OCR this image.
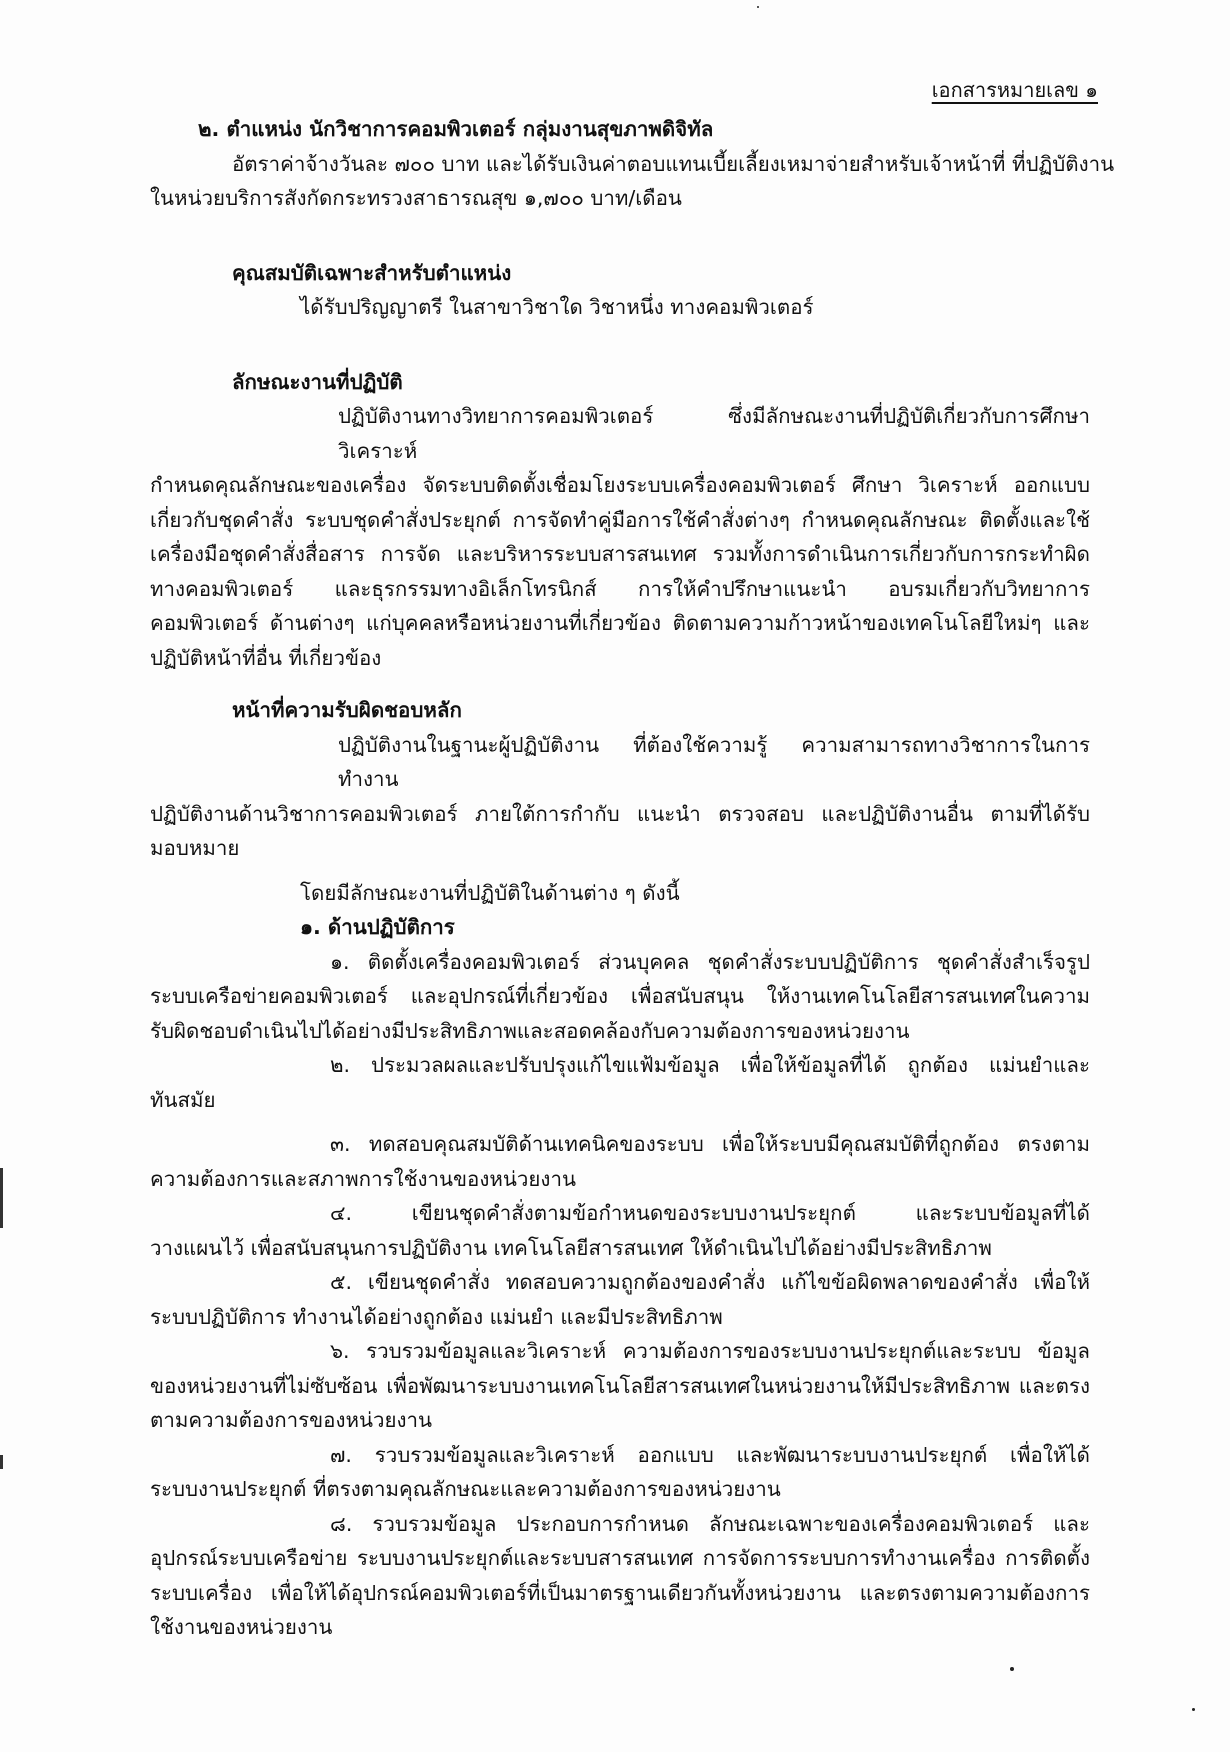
เอกสารหมายเลข ๑
๒. ตำแหน่ง นักวิชาการคอมพิวเตอร์ กลุ่มงานสุขภาพดิจิทัล
อัตราค่าจ้างวันละ ๗๐๐ บาท และได้รับเงินค่าตอบแทนเบี้ยเลี้ยงเหมาจ่ายสำหรับเจ้าหน้าที่ ที่ปฏิบัติงาน
ในหน่วยบริการสังกัดกระทรวงสาธารณสุข ๑,๗๐๐ บาท/เดือน
คุณสมบัติเฉพาะสำหรับตำแหน่ง
ได้รับปริญญาตรี ในสาขาวิชาใด วิชาหนึ่ง ทางคอมพิวเตอร์
ลักษณะงานที่ปฏิบัติ
ปฏิบัติงานทางวิทยาการคอมพิวเตอร์ ซึ่งมีลักษณะงานที่ปฏิบัติเกี่ยวกับการศึกษา วิเคราะห์
กำหนดคุณลักษณะของเครื่อง จัดระบบติดตั้งเชื่อมโยงระบบเครื่องคอมพิวเตอร์ ศึกษา วิเคราะห์ ออกแบบ
เกี่ยวกับชุดคำสั่ง ระบบชุดคำสั่งประยุกต์ การจัดทำคู่มือการใช้คำสั่งต่างๆ กำหนดคุณลักษณะ ติดตั้งและใช้
เครื่องมือชุดคำสั่งสื่อสาร การจัด และบริหารระบบสารสนเทศ รวมทั้งการดำเนินการเกี่ยวกับการกระทำผิด
ทางคอมพิวเตอร์ และธุรกรรมทางอิเล็กโทรนิกส์ การให้คำปรึกษาแนะนำ อบรมเกี่ยวกับวิทยาการ
คอมพิวเตอร์ ด้านต่างๆ แก่บุคคลหรือหน่วยงานที่เกี่ยวข้อง ติดตามความก้าวหน้าของเทคโนโลยีใหม่ๆ และ
ปฏิบัติหน้าที่อื่น ที่เกี่ยวข้อง
หน้าที่ความรับผิดชอบหลัก
ปฏิบัติงานในฐานะผู้ปฏิบัติงาน ที่ต้องใช้ความรู้ ความสามารถทางวิชาการในการทำงาน
ปฏิบัติงานด้านวิชาการคอมพิวเตอร์ ภายใต้การกำกับ แนะนำ ตรวจสอบ และปฏิบัติงานอื่น ตามที่ได้รับ
มอบหมาย
โดยมีลักษณะงานที่ปฏิบัติในด้านต่าง ๆ ดังนี้
๑. ด้านปฏิบัติการ
๑. ติดตั้งเครื่องคอมพิวเตอร์ ส่วนบุคคล ชุดคำสั่งระบบปฏิบัติการ ชุดคำสั่งสำเร็จรูป
ระบบเครือข่ายคอมพิวเตอร์ และอุปกรณ์ที่เกี่ยวข้อง เพื่อสนับสนุน ให้งานเทคโนโลยีสารสนเทศในความ
รับผิดชอบดำเนินไปได้อย่างมีประสิทธิภาพและสอดคล้องกับความต้องการของหน่วยงาน
๒. ประมวลผลและปรับปรุงแก้ไขแฟ้มข้อมูล เพื่อให้ข้อมูลที่ได้ ถูกต้อง แม่นยำและ
ทันสมัย
๓. ทดสอบคุณสมบัติด้านเทคนิคของระบบ เพื่อให้ระบบมีคุณสมบัติที่ถูกต้อง ตรงตาม
ความต้องการและสภาพการใช้งานของหน่วยงาน
๔. เขียนชุดคำสั่งตามข้อกำหนดของระบบงานประยุกต์ และระบบข้อมูลที่ได้
วางแผนไว้ เพื่อสนับสนุนการปฏิบัติงาน เทคโนโลยีสารสนเทศ ให้ดำเนินไปได้อย่างมีประสิทธิภาพ
๕. เขียนชุดคำสั่ง ทดสอบความถูกต้องของคำสั่ง แก้ไขข้อผิดพลาดของคำสั่ง เพื่อให้
ระบบปฏิบัติการ ทำงานได้อย่างถูกต้อง แม่นยำ และมีประสิทธิภาพ
๖. รวบรวมข้อมูลและวิเคราะห์ ความต้องการของระบบงานประยุกต์และระบบ ข้อมูล
ของหน่วยงานที่ไม่ซับซ้อน เพื่อพัฒนาระบบงานเทคโนโลยีสารสนเทศในหน่วยงานให้มีประสิทธิภาพ และตรง
ตามความต้องการของหน่วยงาน
๗. รวบรวมข้อมูลและวิเคราะห์ ออกแบบ และพัฒนาระบบงานประยุกต์ เพื่อให้ได้
ระบบงานประยุกต์ ที่ตรงตามคุณลักษณะและความต้องการของหน่วยงาน
๘. รวบรวมข้อมูล ประกอบการกำหนด ลักษณะเฉพาะของเครื่องคอมพิวเตอร์ และ
อุปกรณ์ระบบเครือข่าย ระบบงานประยุกต์และระบบสารสนเทศ การจัดการระบบการทำงานเครื่อง การติดตั้ง
ระบบเครื่อง เพื่อให้ได้อุปกรณ์คอมพิวเตอร์ที่เป็นมาตรฐานเดียวกันทั้งหน่วยงาน และตรงตามความต้องการ
ใช้งานของหน่วยงาน
